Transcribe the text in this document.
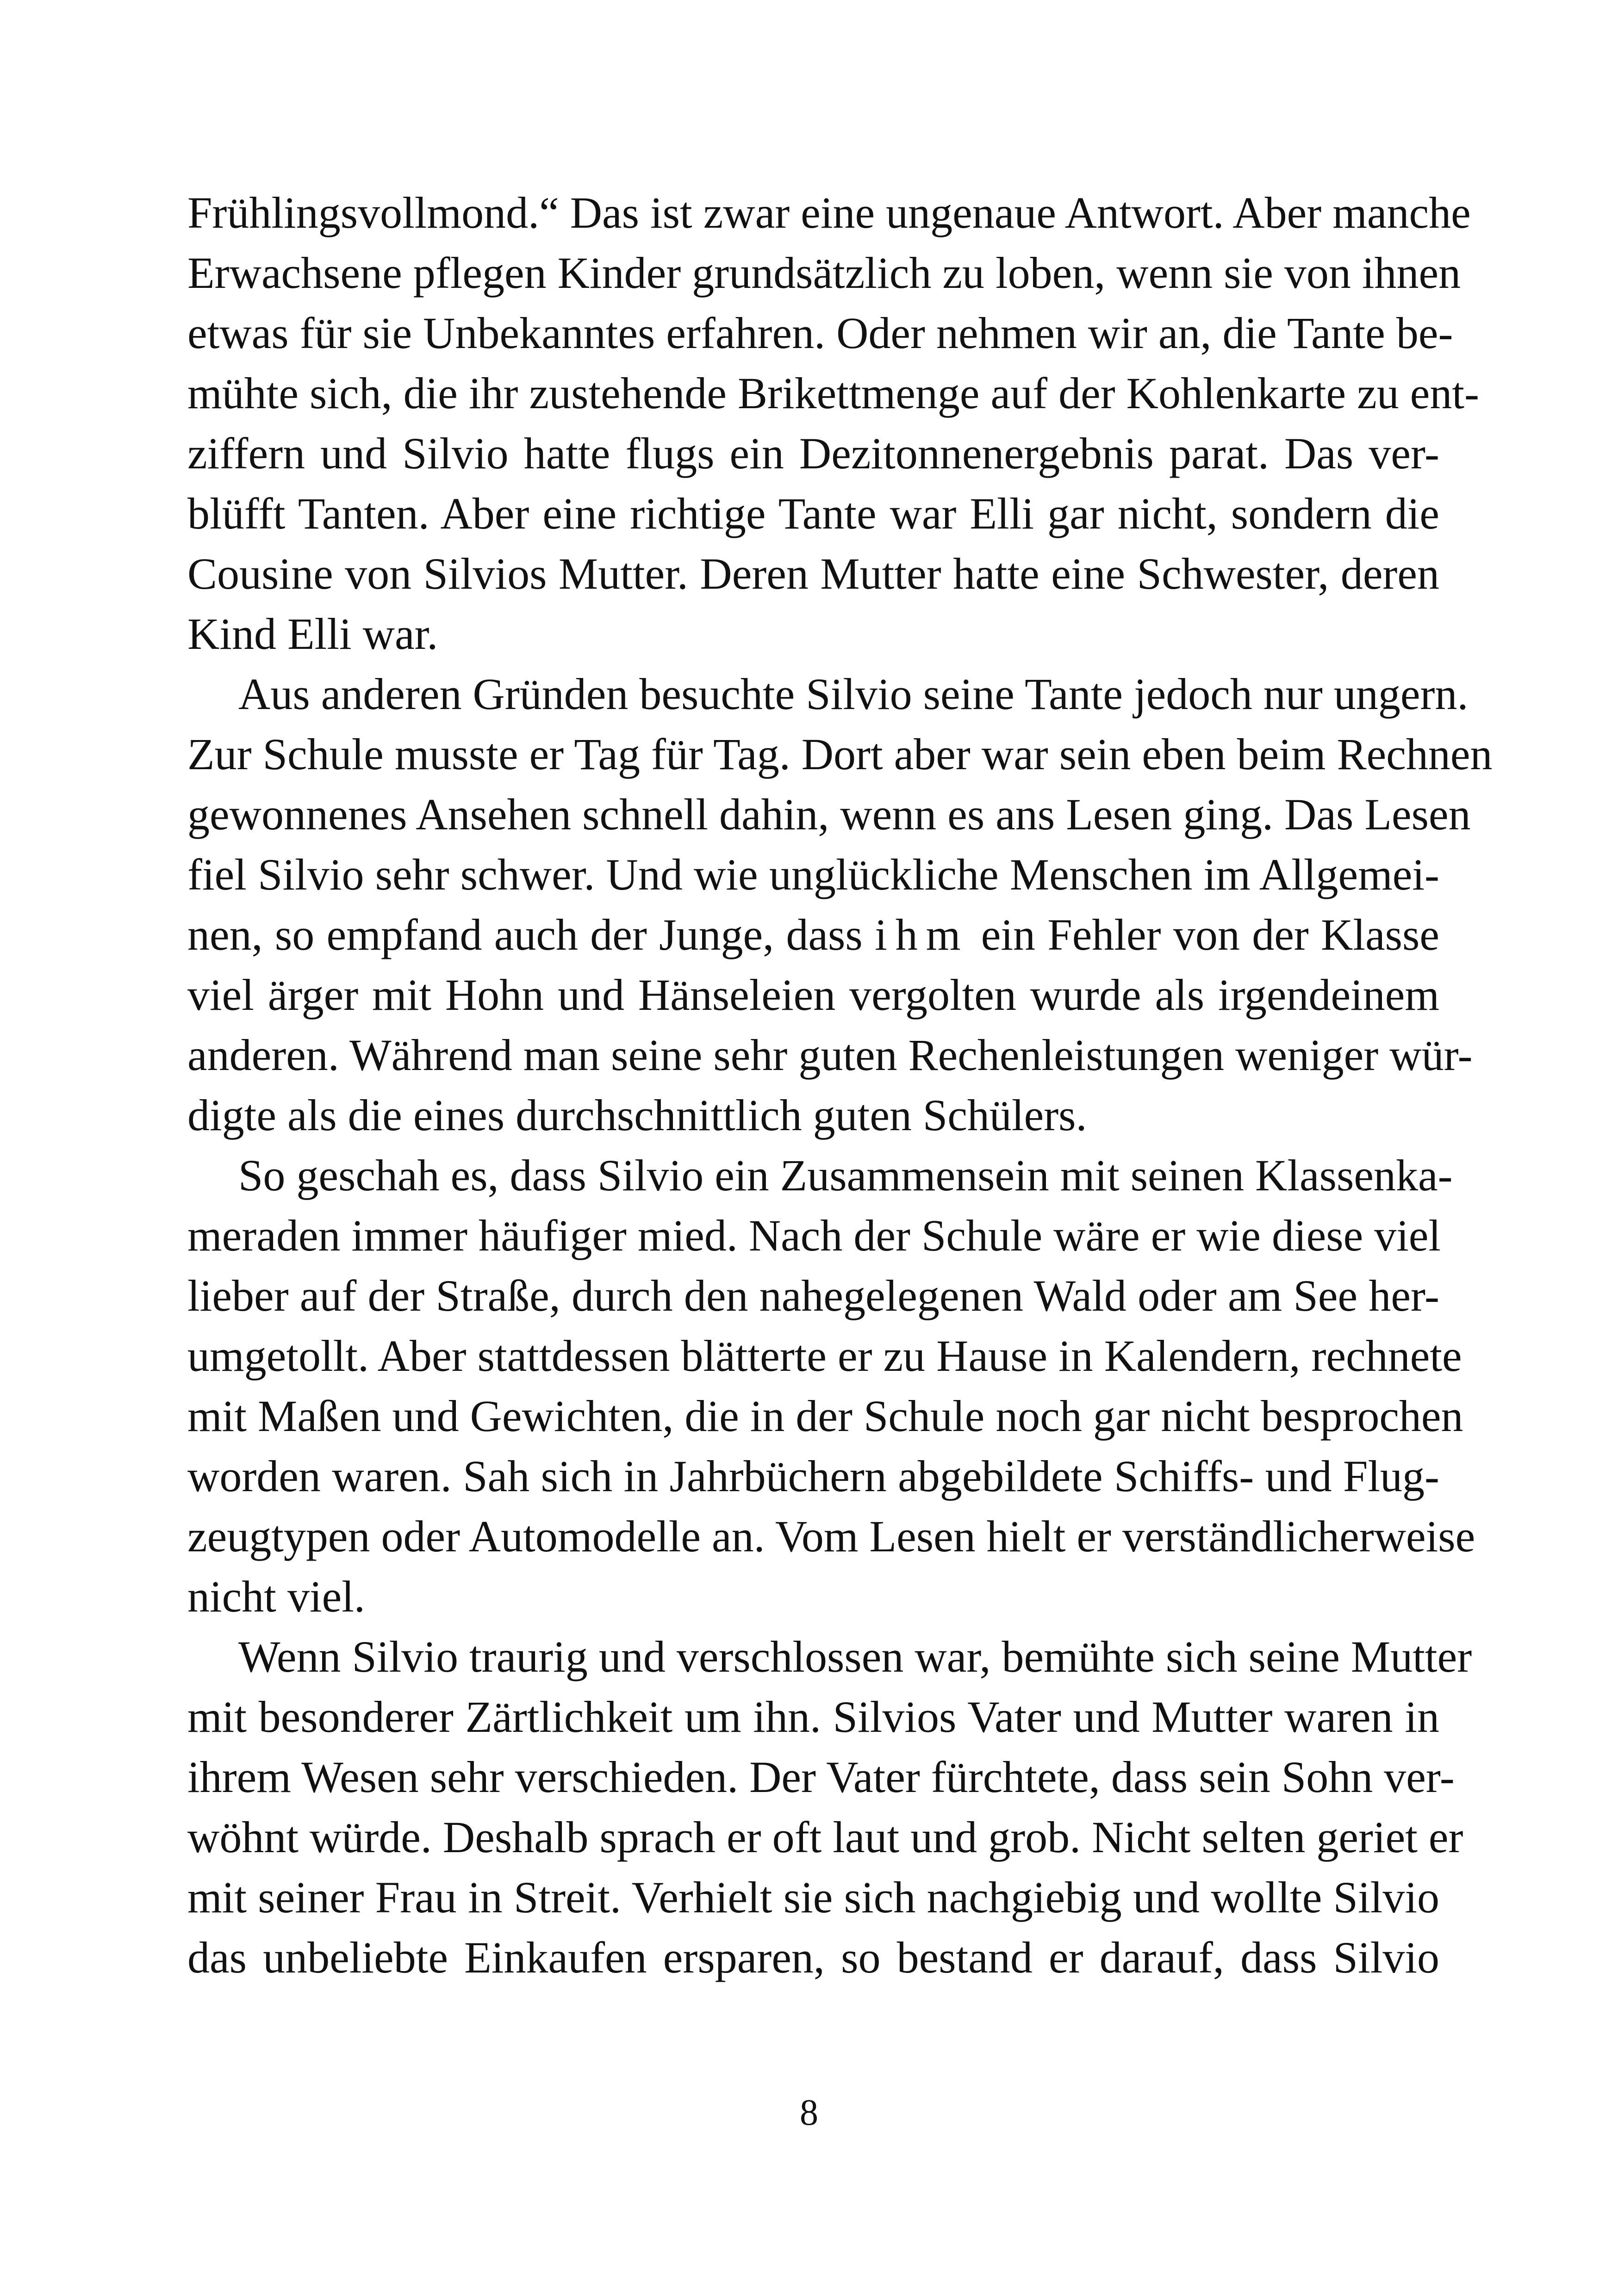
Frühlingsvollmond.“ Das ist zwar eine ungenaue Antwort. Aber manche
Erwachsene pflegen Kinder grundsätzlich zu loben, wenn sie von ihnen
etwas für sie Unbekanntes erfahren. Oder nehmen wir an, die Tante be-
mühte sich, die ihr zustehende Brikettmenge auf der Kohlenkarte zu ent-
ziffern und Silvio hatte flugs ein Dezitonnenergebnis parat. Das ver-
blüfft Tanten. Aber eine richtige Tante war Elli gar nicht, sondern die
Cousine von Silvios Mutter. Deren Mutter hatte eine Schwester, deren
Kind Elli war.
Aus anderen Gründen besuchte Silvio seine Tante jedoch nur ungern.
Zur Schule musste er Tag für Tag. Dort aber war sein eben beim Rechnen
gewonnenes Ansehen schnell dahin, wenn es ans Lesen ging. Das Lesen
fiel Silvio sehr schwer. Und wie unglückliche Menschen im Allgemei-
nen, so empfand auch der Junge, dass ihm ein Fehler von der Klasse
viel ärger mit Hohn und Hänseleien vergolten wurde als irgendeinem
anderen. Während man seine sehr guten Rechenleistungen weniger wür-
digte als die eines durchschnittlich guten Schülers.
So geschah es, dass Silvio ein Zusammensein mit seinen Klassenka-
meraden immer häufiger mied. Nach der Schule wäre er wie diese viel
lieber auf der Straße, durch den nahegelegenen Wald oder am See her-
umgetollt. Aber stattdessen blätterte er zu Hause in Kalendern, rechnete
mit Maßen und Gewichten, die in der Schule noch gar nicht besprochen
worden waren. Sah sich in Jahrbüchern abgebildete Schiffs- und Flug-
zeugtypen oder Automodelle an. Vom Lesen hielt er verständlicherweise
nicht viel.
Wenn Silvio traurig und verschlossen war, bemühte sich seine Mutter
mit besonderer Zärtlichkeit um ihn. Silvios Vater und Mutter waren in
ihrem Wesen sehr verschieden. Der Vater fürchtete, dass sein Sohn ver-
wöhnt würde. Deshalb sprach er oft laut und grob. Nicht selten geriet er
mit seiner Frau in Streit. Verhielt sie sich nachgiebig und wollte Silvio
das unbeliebte Einkaufen ersparen, so bestand er darauf, dass Silvio
8
